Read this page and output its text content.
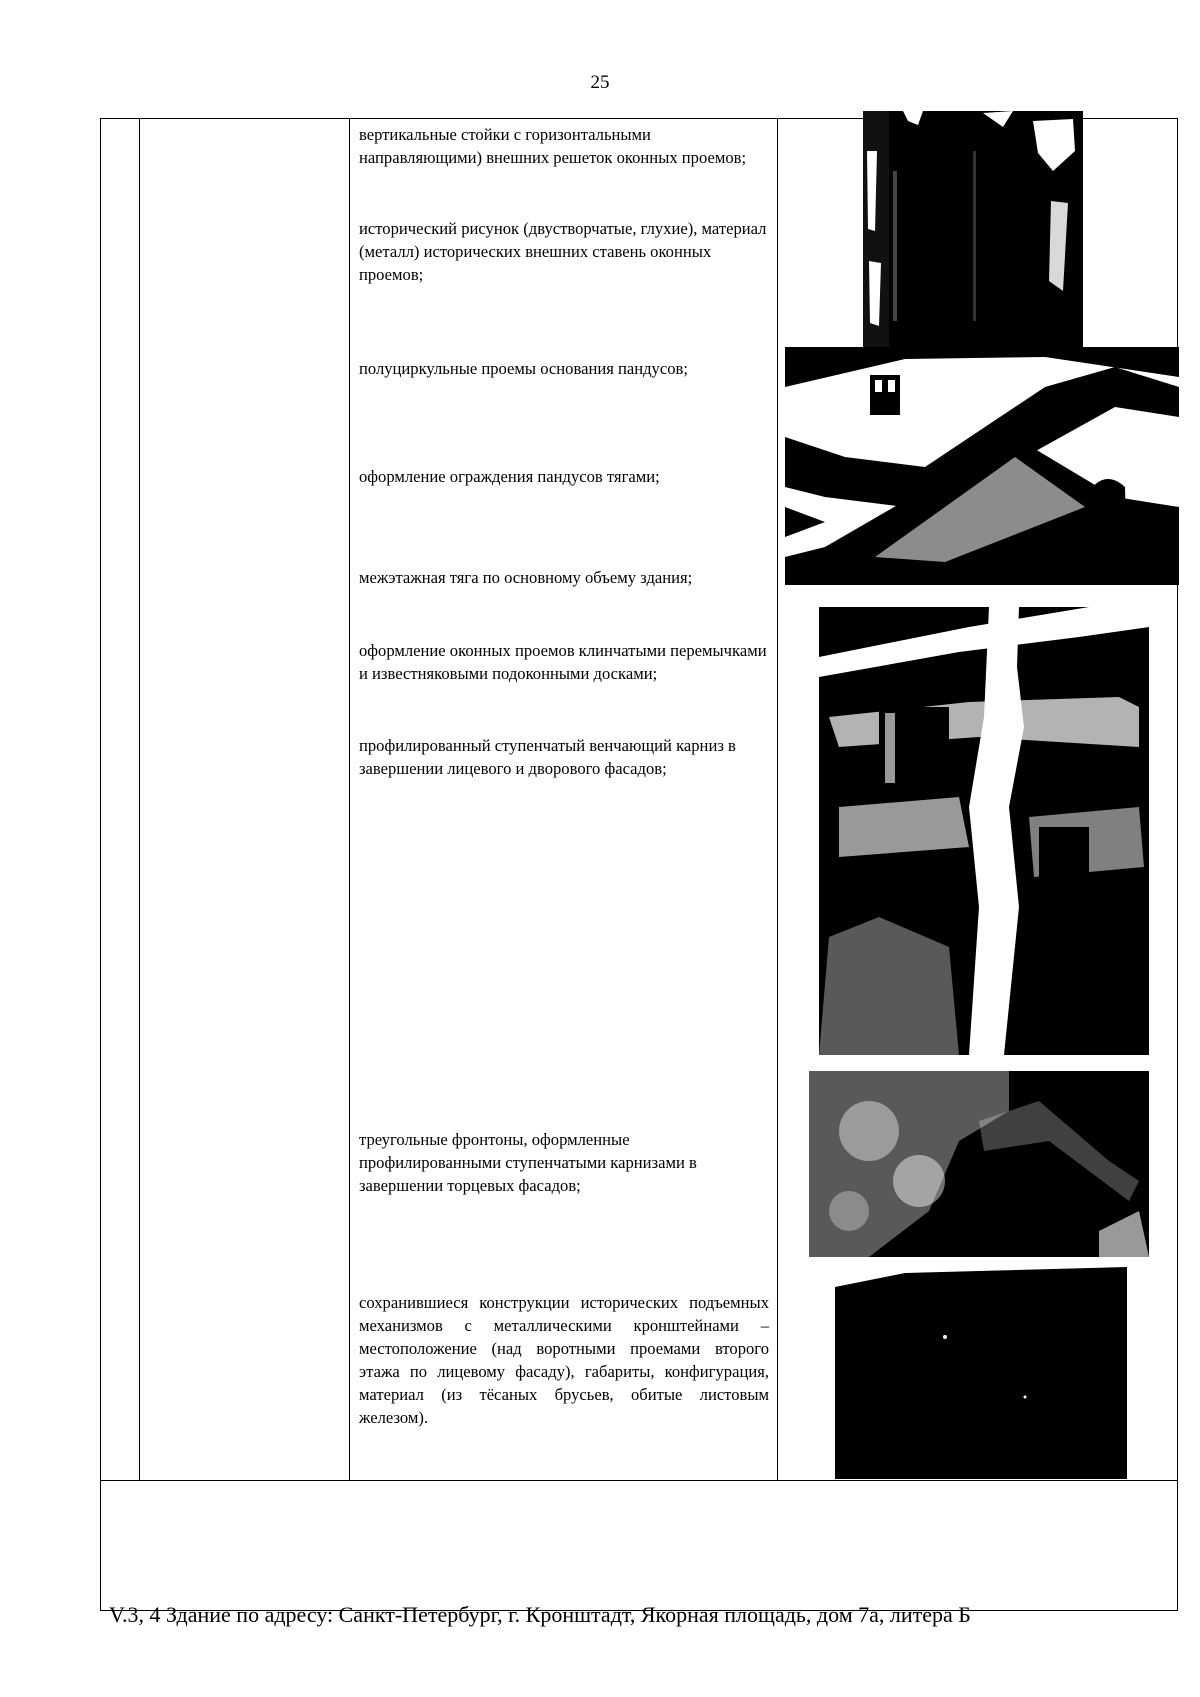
25
вертикальные стойки с горизонтальными направляющими) внешних решеток оконных проемов;
исторический рисунок (двустворчатые, глухие), материал (металл) исторических внешних ставень оконных проемов;
полуциркульные проемы основания пандусов;
оформление ограждения пандусов тягами;
межэтажная тяга по основному объему здания;
оформление оконных проемов клинчатыми перемычками и известняковыми подоконными досками;
профилированный ступенчатый венчающий карниз в завершении лицевого и дворового фасадов;
треугольные фронтоны, оформленные профилированными ступенчатыми карнизами в завершении торцевых фасадов;
сохранившиеся конструкции исторических подъемных механизмов с металлическими кронштейнами – местоположение (над воротными проемами второго этажа по лицевому фасаду), габариты, конфигурация, материал (из тёсаных брусьев, обитые листовым железом).
V.3, 4 Здание по адресу: Санкт-Петербург, г. Кронштадт, Якорная площадь, дом 7а, литера Б
